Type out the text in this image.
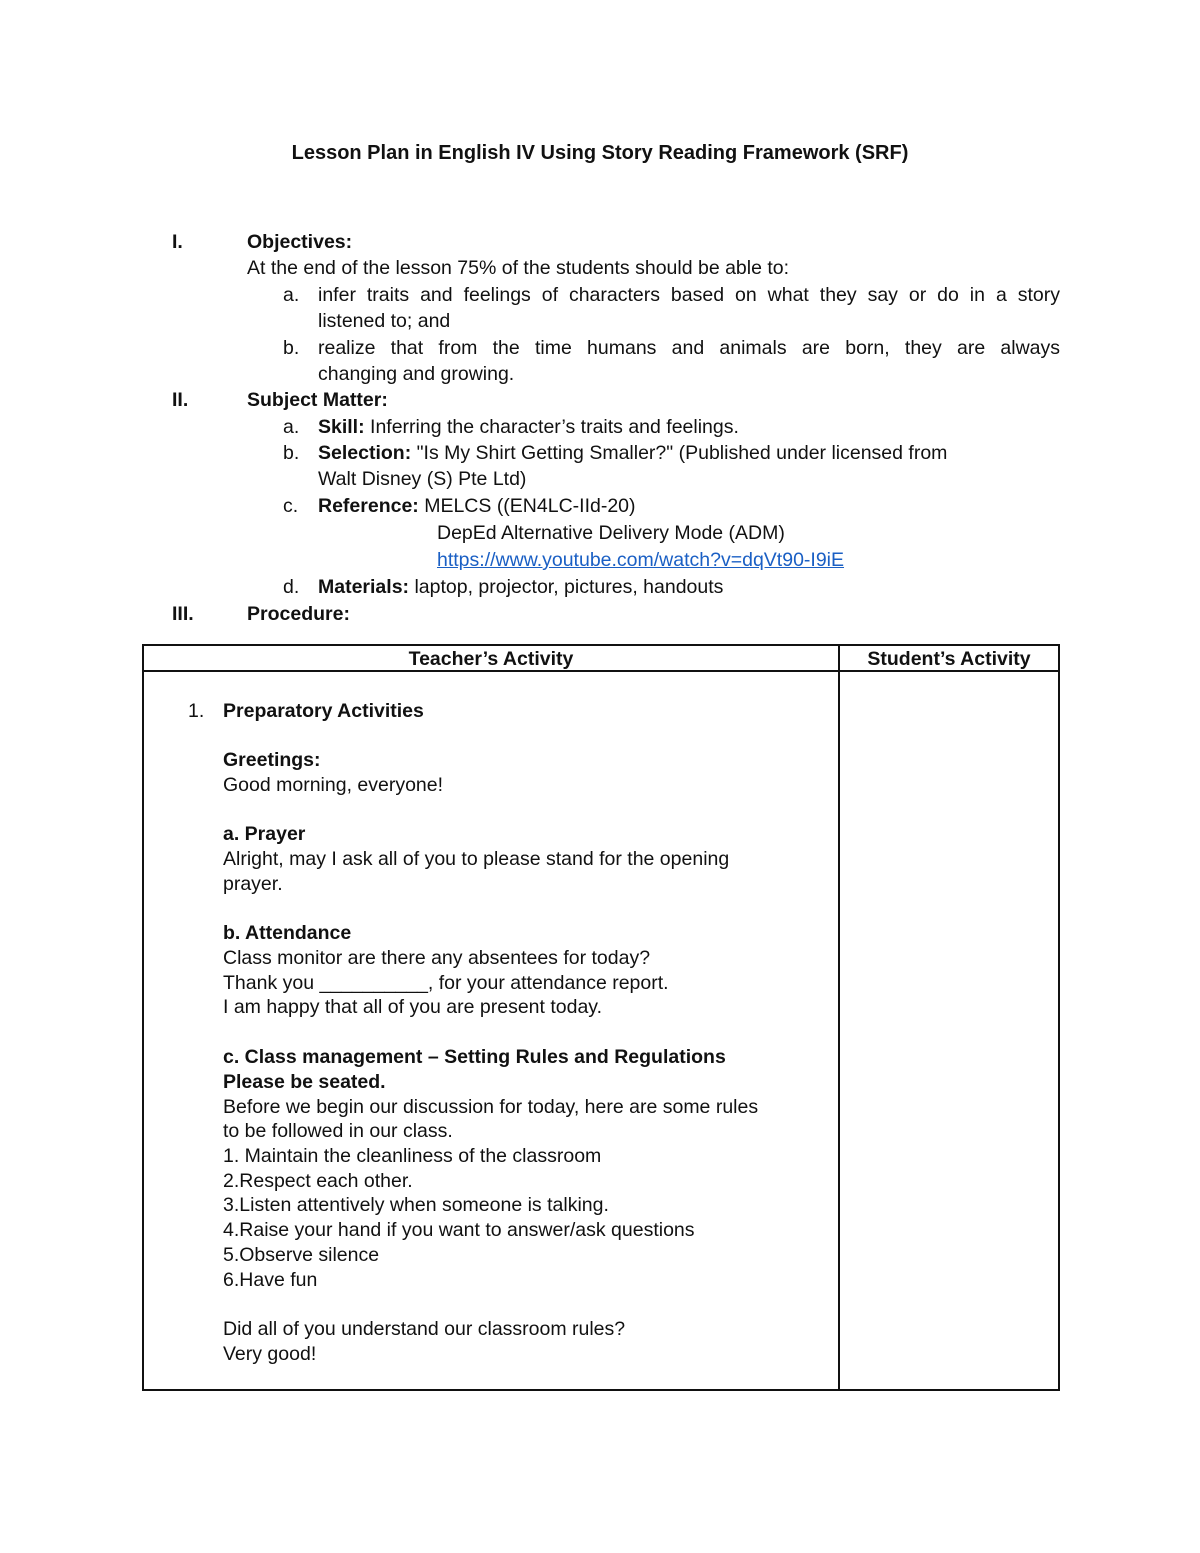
Lesson Plan in English IV Using Story Reading Framework (SRF)
I.	Objectives:
At the end of the lesson 75% of the students should be able to:
a. infer traits and feelings of characters based on what they say or do in a story
listened to; and
b. realize that from the time humans and animals are born, they are always
changing and growing.
II.	Subject Matter:
a. Skill: Inferring the character’s traits and feelings.
b. Selection: "Is My Shirt Getting Smaller?" (Published under licensed from
Walt Disney (S) Pte Ltd)
c. Reference: MELCS ((EN4LC-IId-20)
DepEd Alternative Delivery Mode (ADM)
https://www.youtube.com/watch?v=dqVt90-I9iE
d. Materials: laptop, projector, pictures, handouts
III.	Procedure:
Teacher’s Activity	Student’s Activity
1. Preparatory Activities
Greetings:
Good morning, everyone!
a. Prayer
Alright, may I ask all of you to please stand for the opening
prayer.
b. Attendance
Class monitor are there any absentees for today?
Thank you __________, for your attendance report.
I am happy that all of you are present today.
c. Class management – Setting Rules and Regulations
Please be seated.
Before we begin our discussion for today, here are some rules
to be followed in our class.
1. Maintain the cleanliness of the classroom
2.Respect each other.
3.Listen attentively when someone is talking.
4.Raise your hand if you want to answer/ask questions
5.Observe silence
6.Have fun
Did all of you understand our classroom rules?
Very good!
